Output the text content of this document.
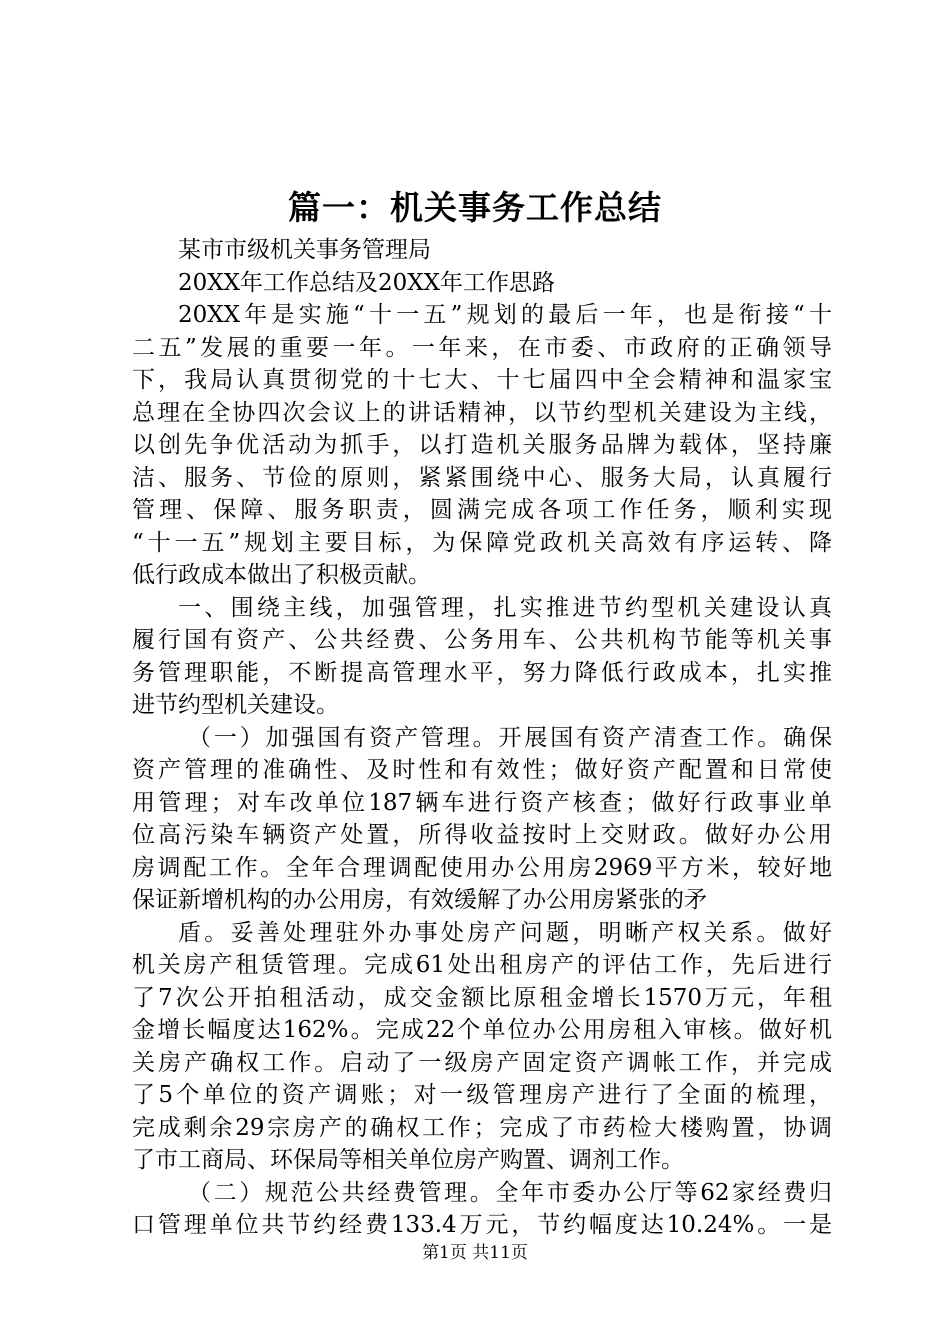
篇一：机关事务工作总结
某市市级机关事务管理局
20XX年工作总结及20XX年工作思路
20XX年是实施“十一五”规划的最后一年，也是衔接“十
二五”发展的重要一年。一年来，在市委、市政府的正确领导
下，我局认真贯彻党的十七大、十七届四中全会精神和温家宝
总理在全协四次会议上的讲话精神，以节约型机关建设为主线，
以创先争优活动为抓手，以打造机关服务品牌为载体，坚持廉
洁、服务、节俭的原则，紧紧围绕中心、服务大局，认真履行
管理、保障、服务职责，圆满完成各项工作任务，顺利实现
“十一五”规划主要目标，为保障党政机关高效有序运转、降
低行政成本做出了积极贡献。
一、围绕主线，加强管理，扎实推进节约型机关建设认真
履行国有资产、公共经费、公务用车、公共机构节能等机关事
务管理职能，不断提高管理水平，努力降低行政成本，扎实推
进节约型机关建设。
（一）加强国有资产管理。开展国有资产清查工作。确保
资产管理的准确性、及时性和有效性；做好资产配置和日常使
用管理；对车改单位187辆车进行资产核查；做好行政事业单
位高污染车辆资产处置，所得收益按时上交财政。做好办公用
房调配工作。全年合理调配使用办公用房2969平方米，较好地
保证新增机构的办公用房，有效缓解了办公用房紧张的矛
盾。妥善处理驻外办事处房产问题，明晰产权关系。做好
机关房产租赁管理。完成61处出租房产的评估工作，先后进行
了7次公开拍租活动，成交金额比原租金增长1570万元，年租
金增长幅度达162%。完成22个单位办公用房租入审核。做好机
关房产确权工作。启动了一级房产固定资产调帐工作，并完成
了5个单位的资产调账；对一级管理房产进行了全面的梳理，
完成剩余29宗房产的确权工作；完成了市药检大楼购置，协调
了市工商局、环保局等相关单位房产购置、调剂工作。
（二）规范公共经费管理。全年市委办公厅等62家经费归
口管理单位共节约经费133.4万元，节约幅度达10.24%。一是
第1页 共11页
